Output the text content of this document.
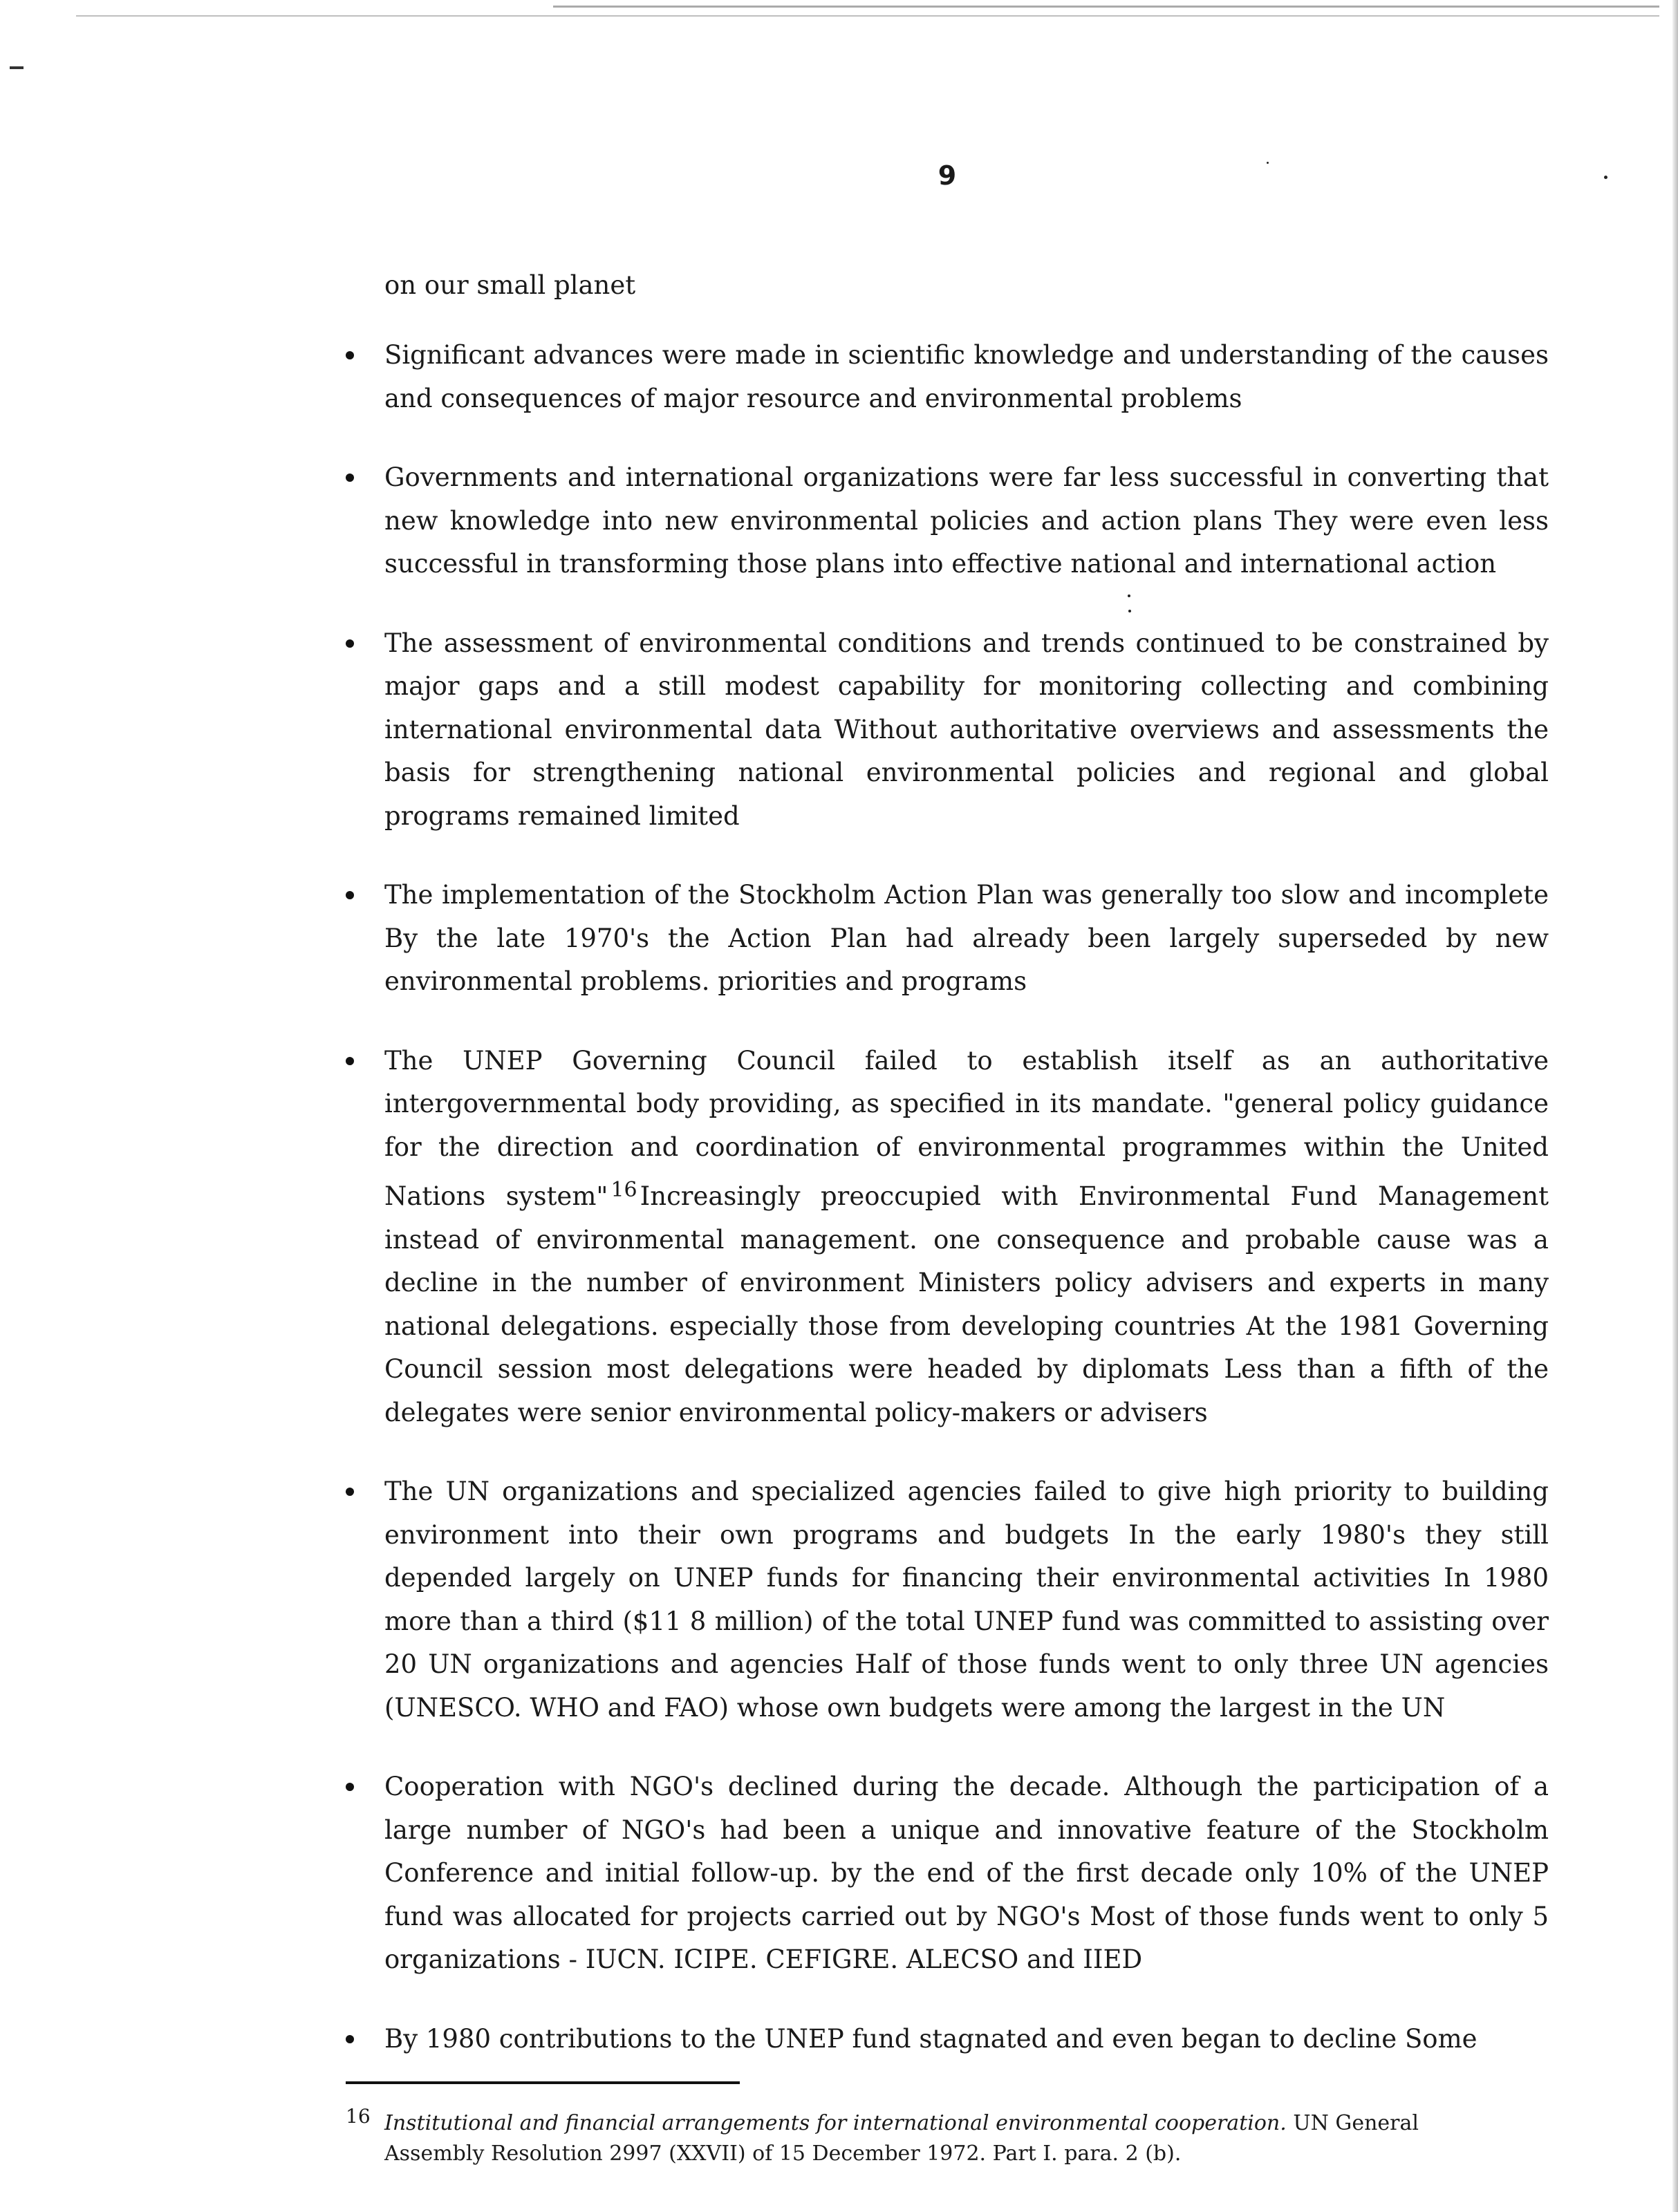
9
on our small planet
Significant advances were made in scientific knowledge and understanding of the causes and consequences of major resource and environmental problems
Governments and international organizations were far less successful in converting that new knowledge into new environmental policies and action plans They were even less successful in transforming those plans into effective national and international action
The assessment of environmental conditions and trends continued to be constrained by major gaps and a still modest capability for monitoring collecting and combining international environmental data Without authoritative overviews and assessments the basis for strengthening national environmental policies and regional and global programs remained limited
The implementation of the Stockholm Action Plan was generally too slow and incomplete By the late 1970's the Action Plan had already been largely superseded by new environmental problems. priorities and programs
The UNEP Governing Council failed to establish itself as an authoritative intergovernmental body providing, as specified in its mandate. "general policy guidance for the direction and coordination of environmental programmes within the United Nations system" $^{16}$ Increasingly preoccupied with Environmental Fund Management instead of environmental management. one consequence and probable cause was a decline in the number of environment Ministers policy advisers and experts in many national delegations. especially those from developing countries At the 1981 Governing Council session most delegations were headed by diplomats Less than a fifth of the delegates were senior environmental policy-makers or advisers
The UN organizations and specialized agencies failed to give high priority to building environment into their own programs and budgets In the early 1980's they still depended largely on UNEP funds for financing their environmental activities In 1980 more than a third ($11 8 million) of the total UNEP fund was committed to assisting over 20 UN organizations and agencies Half of those funds went to only three UN agencies (UNESCO. WHO and FAO) whose own budgets were among the largest in the UN
Cooperation with NGO's declined during the decade. Although the participation of a large number of NGO's had been a unique and innovative feature of the Stockholm Conference and initial follow-up. by the end of the first decade only 10% of the UNEP fund was allocated for projects carried out by NGO's Most of those funds went to only 5 organizations - IUCN. ICIPE. CEFIGRE. ALECSO and IIED
By 1980 contributions to the UNEP fund stagnated and even began to decline Some
16 Institutional and financial arrangements for international environmental cooperation. UN General
Assembly Resolution 2997 (XXVII) of 15 December 1972. Part I. para. 2 (b).
